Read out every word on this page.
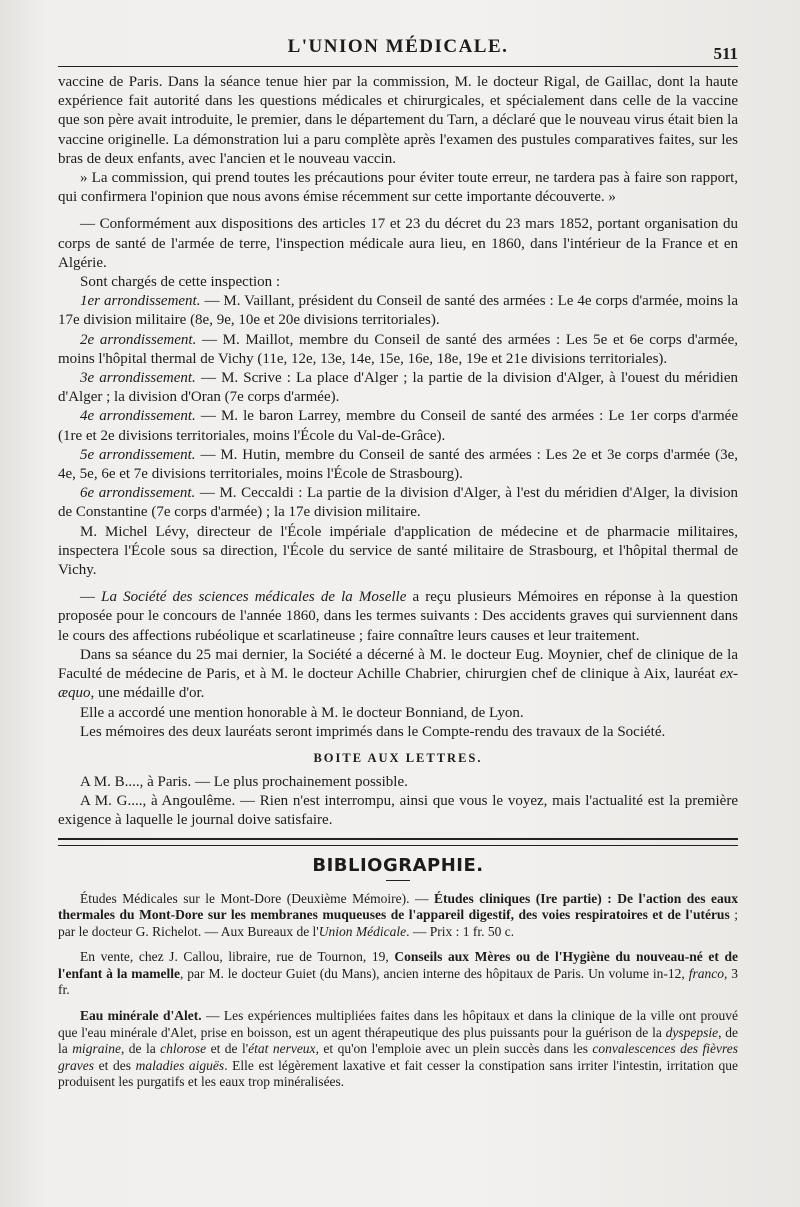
L'UNION MÉDICALE.	511

vaccine de Paris. Dans la séance tenue hier par la commission, M. le docteur Rigal, de Gaillac, dont la haute expérience fait autorité dans les questions médicales et chirurgicales, et spécialement dans celle de la vaccine que son père avait introduite, le premier, dans le département du Tarn, a déclaré que le nouveau virus était bien la vaccine originelle. La démonstration lui a paru complète après l'examen des pustules comparatives faites, sur les bras de deux enfants, avec l'ancien et le nouveau vaccin.

» La commission, qui prend toutes les précautions pour éviter toute erreur, ne tardera pas à faire son rapport, qui confirmera l'opinion que nous avons émise récemment sur cette importante découverte. »

— Conformément aux dispositions des articles 17 et 23 du décret du 23 mars 1852, portant organisation du corps de santé de l'armée de terre, l'inspection médicale aura lieu, en 1860, dans l'intérieur de la France et en Algérie.

Sont chargés de cette inspection :

1er arrondissement. — M. Vaillant, président du Conseil de santé des armées : Le 4e corps d'armée, moins la 17e division militaire (8e, 9e, 10e et 20e divisions territoriales).

2e arrondissement. — M. Maillot, membre du Conseil de santé des armées : Les 5e et 6e corps d'armée, moins l'hôpital thermal de Vichy (11e, 12e, 13e, 14e, 15e, 16e, 18e, 19e et 21e divisions territoriales).

3e arrondissement. — M. Scrive : La place d'Alger ; la partie de la division d'Alger, à l'ouest du méridien d'Alger ; la division d'Oran (7e corps d'armée).

4e arrondissement. — M. le baron Larrey, membre du Conseil de santé des armées : Le 1er corps d'armée (1re et 2e divisions territoriales, moins l'École du Val-de-Grâce).

5e arrondissement. — M. Hutin, membre du Conseil de santé des armées : Les 2e et 3e corps d'armée (3e, 4e, 5e, 6e et 7e divisions territoriales, moins l'École de Strasbourg).

6e arrondissement. — M. Ceccaldi : La partie de la division d'Alger, à l'est du méridien d'Alger, la division de Constantine (7e corps d'armée) ; la 17e division militaire.

M. Michel Lévy, directeur de l'École impériale d'application de médecine et de pharmacie militaires, inspectera l'École sous sa direction, l'École du service de santé militaire de Strasbourg, et l'hôpital thermal de Vichy.

— La Société des sciences médicales de la Moselle a reçu plusieurs Mémoires en réponse à la question proposée pour le concours de l'année 1860, dans les termes suivants : Des accidents graves qui surviennent dans le cours des affections rubéolique et scarlatineuse ; faire connaître leurs causes et leur traitement.

Dans sa séance du 25 mai dernier, la Société a décerné à M. le docteur Eug. Moynier, chef de clinique de la Faculté de médecine de Paris, et à M. le docteur Achille Chabrier, chirurgien chef de clinique à Aix, lauréat ex-æquo, une médaille d'or.

Elle a accordé une mention honorable à M. le docteur Bonniand, de Lyon.

Les mémoires des deux lauréats seront imprimés dans le Compte-rendu des travaux de la Société.

BOITE AUX LETTRES.

A M. B...., à Paris. — Le plus prochainement possible.

A M. G...., à Angoulême. — Rien n'est interrompu, ainsi que vous le voyez, mais l'actualité est la première exigence à laquelle le journal doive satisfaire.

BIBLIOGRAPHIE.

Études Médicales sur le Mont-Dore (Deuxième Mémoire). — Études cliniques (Ire partie) : De l'action des eaux thermales du Mont-Dore sur les membranes muqueuses de l'appareil digestif, des voies respiratoires et de l'utérus ; par le docteur G. Richelot. — Aux Bureaux de l'Union Médicale. — Prix : 1 fr. 50 c.

En vente, chez J. Callou, libraire, rue de Tournon, 19, Conseils aux Mères ou de l'Hygiène du nouveau-né et de l'enfant à la mamelle, par M. le docteur Guiet (du Mans), ancien interne des hôpitaux de Paris. Un volume in-12, franco, 3 fr.

Eau minérale d'Alet. — Les expériences multipliées faites dans les hôpitaux et dans la clinique de la ville ont prouvé que l'eau minérale d'Alet, prise en boisson, est un agent thérapeutique des plus puissants pour la guérison de la dyspepsie, de la migraine, de la chlorose et de l'état nerveux, et qu'on l'emploie avec un plein succès dans les convalescences des fièvres graves et des maladies aiguës. Elle est légèrement laxative et fait cesser la constipation sans irriter l'intestin, irritation que produisent les purgatifs et les eaux trop minéralisées.
